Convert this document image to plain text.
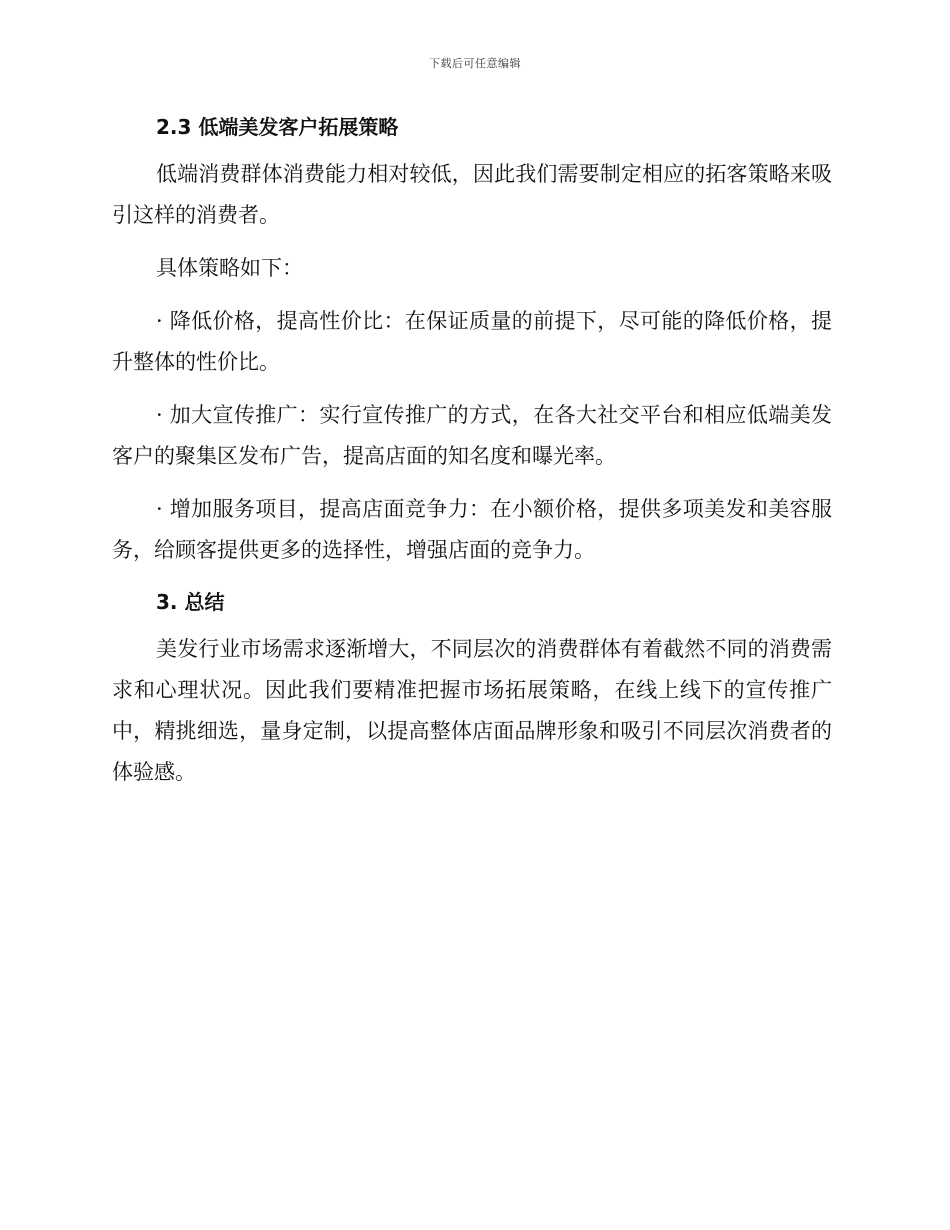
下载后可任意编辑
2.3 低端美发客户拓展策略

低端消费群体消费能力相对较低，因此我们需要制定相应的拓客策略来吸引这样的消费者。

具体策略如下：

· 降低价格，提高性价比：在保证质量的前提下，尽可能的降低价格，提升整体的性价比。

· 加大宣传推广：实行宣传推广的方式，在各大社交平台和相应低端美发客户的聚集区发布广告，提高店面的知名度和曝光率。

· 增加服务项目，提高店面竞争力：在小额价格，提供多项美发和美容服务，给顾客提供更多的选择性，增强店面的竞争力。

3. 总结

美发行业市场需求逐渐增大，不同层次的消费群体有着截然不同的消费需求和心理状况。因此我们要精准把握市场拓展策略，在线上线下的宣传推广中，精挑细选，量身定制，以提高整体店面品牌形象和吸引不同层次消费者的体验感。
